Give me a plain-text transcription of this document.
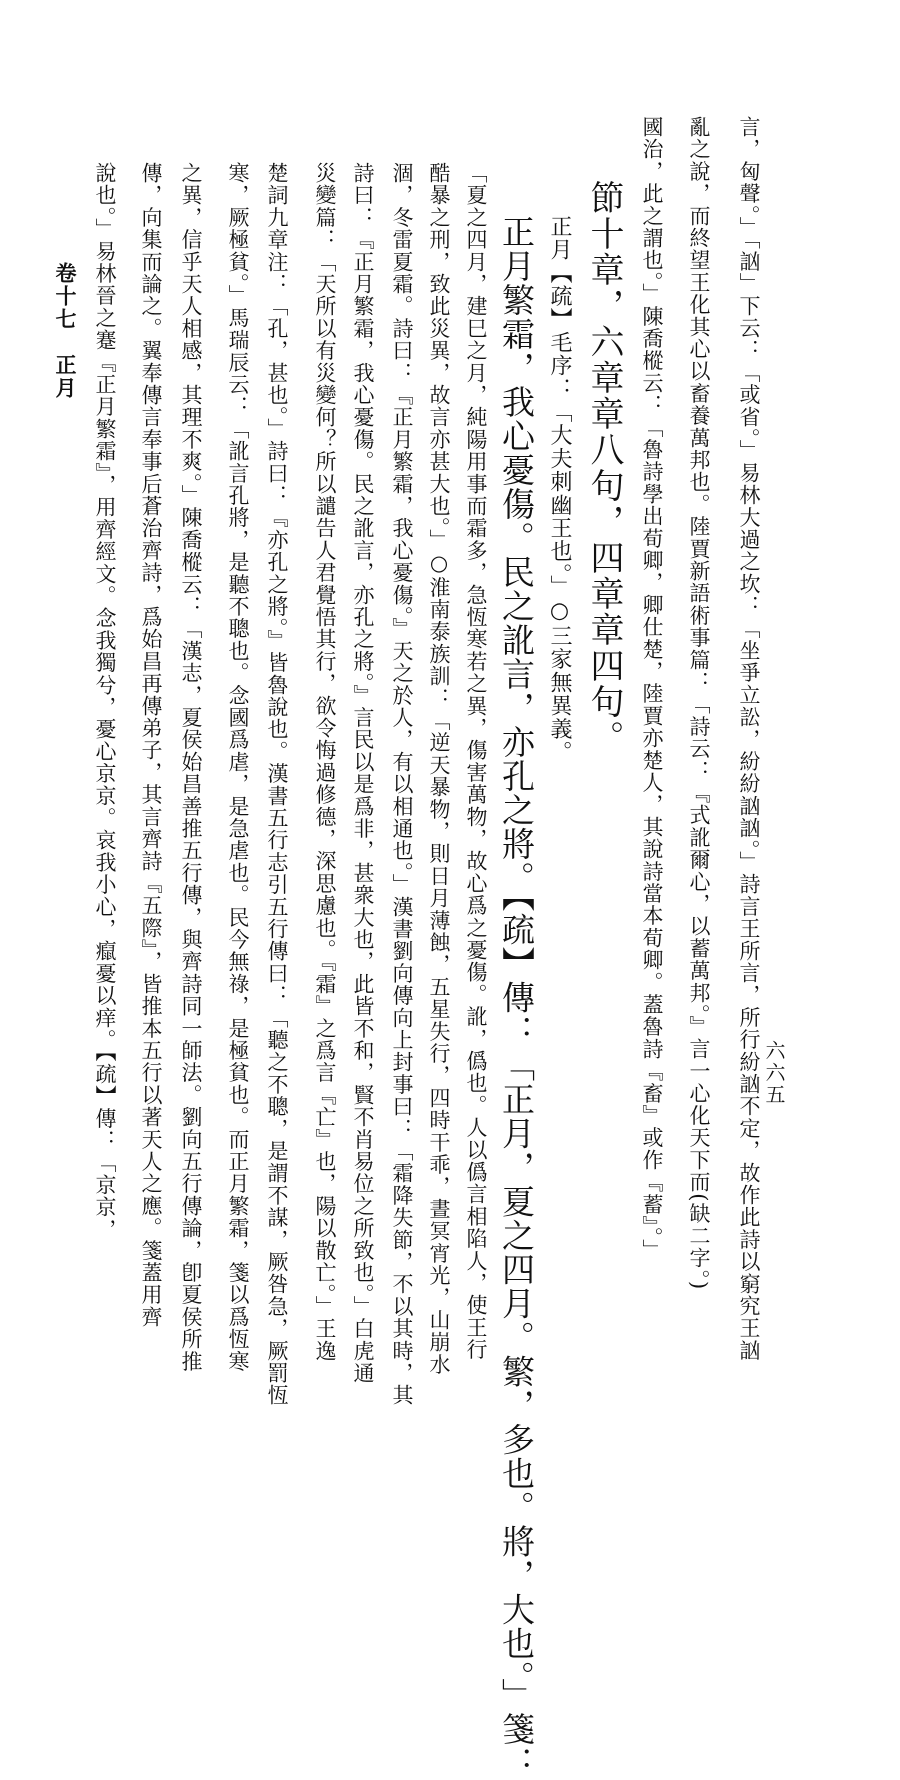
言，匈聲。」「訩」下云：「或省。」易林大過之坎：「坐爭立訟，紛紛訩訩。」詩言王所言，所行紛訩不定，故作此詩以窮究王訩
亂之說，而終望王化其心以畜養萬邦也。陸賈新語術事篇：「詩云：『式訛爾心，以蓄萬邦。』言一心化天下而(缺二字。)
國治，此之謂也。」陳喬樅云：「魯詩學出荀卿，卿仕楚，陸賈亦楚人，其說詩當本荀卿。蓋魯詩『畜』或作『蓄』。」
節十章，六章章八句，四章章四句。
正月【疏】毛序：「大夫刺幽王也。」○三家無異義。
正月繁霜，我心憂傷。民之訛言，亦孔之將。【疏】傳：「正月，夏之四月。繁，多也。將，大也。」箋：
「夏之四月，建巳之月，純陽用事而霜多，急恆寒若之異，傷害萬物，故心爲之憂傷。訛，僞也。人以僞言相陷人，使王行
酷暴之刑，致此災異，故言亦甚大也。」○淮南泰族訓：「逆天暴物，則日月薄蝕，五星失行，四時干乖，晝冥宵光，山崩水
涸，冬雷夏霜。詩曰：『正月繁霜，我心憂傷。』天之於人，有以相通也。」漢書劉向傳向上封事曰：「霜降失節，不以其時，其
詩曰：『正月繁霜，我心憂傷。民之訛言，亦孔之將。』言民以是爲非，甚衆大也，此皆不和，賢不肖易位之所致也。」白虎通
災變篇：「天所以有災變何？所以譴告人君覺悟其行，欲令悔過修德，深思慮也。『霜』之爲言『亡』也，陽以散亡。」王逸
楚詞九章注：「孔，甚也。」詩曰：『亦孔之將。』皆魯說也。漢書五行志引五行傳曰：「聽之不聰，是謂不謀，厥咎急，厥罰恆
寒，厥極貧。」馬瑞辰云：「訛言孔將，是聽不聰也。念國爲虐，是急虐也。民今無祿，是極貧也。而正月繁霜，箋以爲恆寒
之異，信乎天人相感，其理不爽。」陳喬樅云：「漢志，夏侯始昌善推五行傳，與齊詩同一師法。劉向五行傳論，卽夏侯所推
傳，向集而論之。翼奉傳言奉事后蒼治齊詩，爲始昌再傳弟子，其言齊詩『五際』，皆推本五行以著天人之應。箋蓋用齊
說也。」易林晉之蹇『正月繁霜』，用齊經文。念我獨兮，憂心京京。哀我小心，癙憂以痒。【疏】傳：「京京，
卷十七　正月
六六五
